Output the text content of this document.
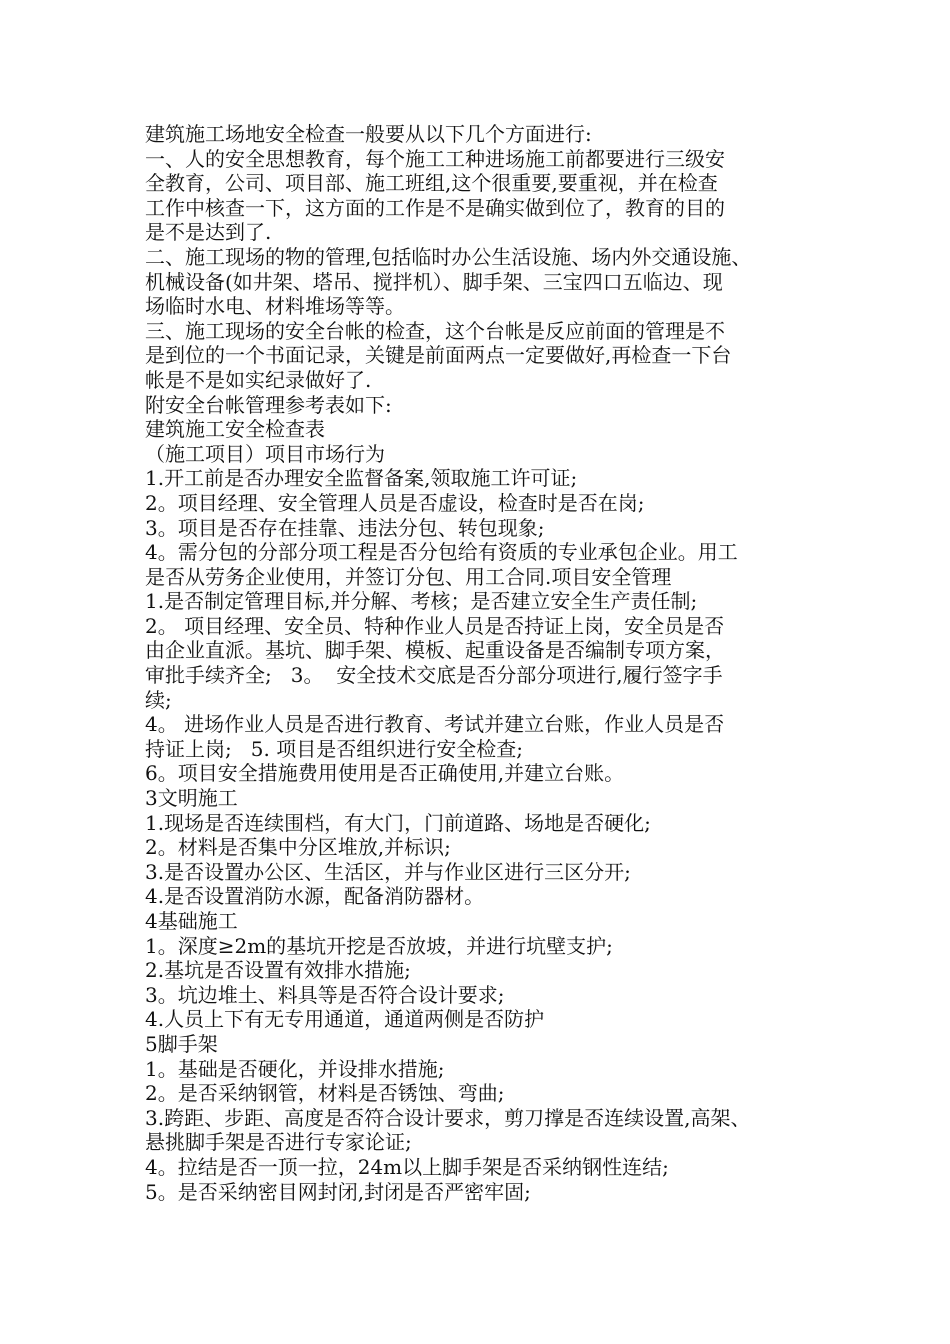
建筑施工场地安全检查一般要从以下几个方面进行:
一、人的安全思想教育，每个施工工种进场施工前都要进行三级安
全教育，公司、项目部、施工班组,这个很重要,要重视，并在检查
工作中核查一下，这方面的工作是不是确实做到位了，教育的目的
是不是达到了.
二、施工现场的物的管理,包括临时办公生活设施、场内外交通设施、
机械设备(如井架、塔吊、搅拌机）、脚手架、三宝四口五临边、现
场临时水电、材料堆场等等。
三、施工现场的安全台帐的检查，这个台帐是反应前面的管理是不
是到位的一个书面记录，关键是前面两点一定要做好,再检查一下台
帐是不是如实纪录做好了.
附安全台帐管理参考表如下:
建筑施工安全检查表
（施工项目）项目市场行为
1.开工前是否办理安全监督备案,领取施工许可证;
2。项目经理、安全管理人员是否虚设，检查时是否在岗;
3。项目是否存在挂靠、违法分包、转包现象;
4。需分包的分部分项工程是否分包给有资质的专业承包企业。用工
是否从劳务企业使用，并签订分包、用工合同.项目安全管理
1.是否制定管理目标,并分解、考核；是否建立安全生产责任制;
2。 项目经理、安全员、特种作业人员是否持证上岗，安全员是否
由企业直派。基坑、脚手架、模板、起重设备是否编制专项方案，
审批手续齐全;   3。  安全技术交底是否分部分项进行,履行签字手
续;
4。 进场作业人员是否进行教育、考试并建立台账，作业人员是否
持证上岗;   5. 项目是否组织进行安全检查;
6。项目安全措施费用使用是否正确使用,并建立台账。
3文明施工
1.现场是否连续围档，有大门，门前道路、场地是否硬化;
2。材料是否集中分区堆放,并标识;
3.是否设置办公区、生活区，并与作业区进行三区分开;
4.是否设置消防水源，配备消防器材。
4基础施工
1。深度≥2m的基坑开挖是否放坡，并进行坑壁支护;
2.基坑是否设置有效排水措施;
3。坑边堆土、料具等是否符合设计要求;
4.人员上下有无专用通道，通道两侧是否防护
5脚手架
1。基础是否硬化，并设排水措施;
2。是否采纳钢管，材料是否锈蚀、弯曲;
3.跨距、步距、高度是否符合设计要求，剪刀撑是否连续设置,高架、
悬挑脚手架是否进行专家论证;
4。拉结是否一顶一拉，24m以上脚手架是否采纳钢性连结;
5。是否采纳密目网封闭,封闭是否严密牢固;
